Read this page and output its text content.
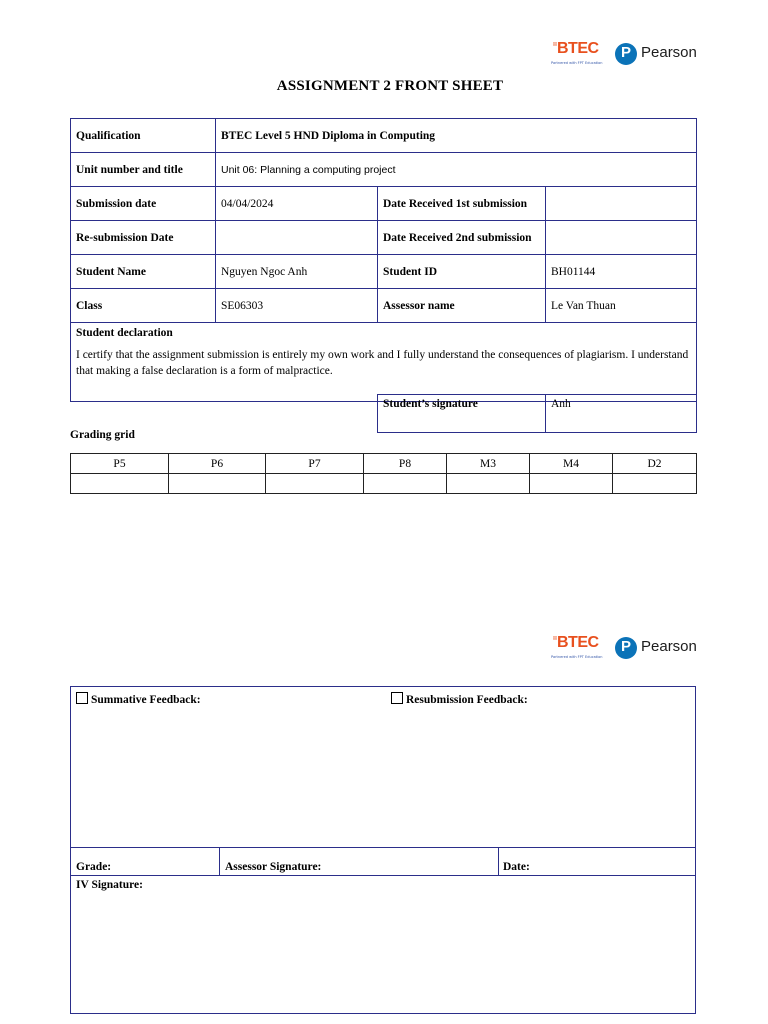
BTEC
Partnered with FPT Education
P Pearson
ASSIGNMENT 2 FRONT SHEET
Qualification	BTEC Level 5 HND Diploma in Computing		
Unit number and title	Unit 06: Planning a computing project		
Submission date	04/04/2024	Date Received 1st submission	
Re-submission Date		Date Received 2nd submission	
Student Name	Nguyen Ngoc Anh	Student ID	BH01144
Class	SE06303	Assessor name	Le Van Thuan

Student declaration
I certify that the assignment submission is entirely my own work and I fully understand the consequences of plagiarism. I understand that making a false declaration is a form of malpractice.			
Student’s signature	Anh
Grading grid
P5	P6	P7	P8	M3	M4	D2

BTEC
Partnered with FPT Education
P Pearson
Summative Feedback:	Resubmission Feedback:
Grade:	Assessor Signature:	Date:
IV Signature:
